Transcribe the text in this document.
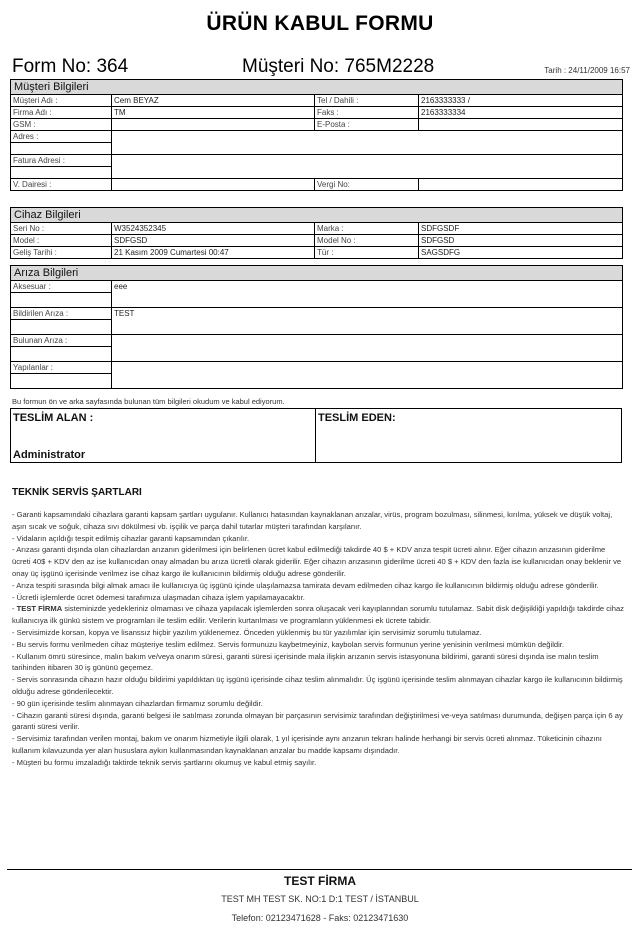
ÜRÜN KABUL FORMU
Form No: 364	Müşteri No: 765M2228	Tarih : 24/11/2009 16:57
Müşteri Bilgileri			
Müşteri Adı :	Cem BEYAZ	Tel / Dahili :	2163333333 /
Firma Adı :	TM	Faks :	2163333334
GSM :		E-Posta :	
Adres :			

Fatura Adresi :			

V. Dairesi :		Vergi No:	
Cihaz Bilgileri			
Seri No :	W3524352345	Marka :	SDFGSDF
Model :	SDFGSD	Model No :	SDFGSD
Geliş Tarihi :	21 Kasım 2009 Cumartesi 00:47	Tür :	SAGSDFG
Arıza Bilgileri	
Aksesuar :	eee

Bildirilen Arıza :	TEST

Bulunan Arıza :	

Yapılanlar :	

Bu formun ön ve arka sayfasında bulunan tüm bilgileri okudum ve kabul ediyorum.
TESLİM ALAN :
Administrator
TESLİM EDEN:
TEKNİK SERVİS ŞARTLARI

- Garanti kapsamındaki cihazlara garanti kapsam şartları uygulanır. Kullanıcı hatasından kaynaklanan arızalar, virüs, program bozulması, silinmesi, kırılma, yüksek ve düşük voltaj, aşırı sıcak ve soğuk, cihaza sıvı dökülmesi vb. işçilik ve parça dahil tutarlar müşteri tarafından karşılanır.

- Vidaların açıldığı tespit edilmiş cihazlar garanti kapsamından çıkarılır.

- Arızası garanti dışında olan cihazlardan arızanın giderilmesi için belirlenen ücret kabul edilmediği takdirde 40 $ + KDV arıza tespit ücreti alınır. Eğer cihazın arızasının giderilme ücreti 40$ + KDV den az ise kullanıcıdan onay almadan bu arıza ücretli olarak giderilir. Eğer cihazın arızasının giderilme ücreti 40 $ + KDV den fazla ise kullanıcıdan onay beklenir ve onay üç işgünü içerisinde verilmez ise cihaz kargo ile kullanıcının bildirmiş olduğu adrese gönderilir.

- Arıza tespiti sırasında bilgi almak amacı ile kullanıcıya üç işgünü içinde ulaşılamazsa tamirata devam edilmeden cihaz kargo ile kullanıcının bildirmiş olduğu adrese gönderilir.

- Ücretli işlemlerde ücret ödemesi tarafımıza ulaşmadan cihaza işlem yapılamayacaktır.

- TEST FİRMA sisteminizde yedekleriniz olmaması ve cihaza yapılacak işlemlerden sonra oluşacak veri kayıplarından sorumlu tutulamaz. Sabit disk değişikliği yapıldığı takdirde cihaz kullanıcıya ilk günkü sistem ve programları ile teslim edilir. Verilerin kurtarılması ve programların yüklenmesi ek ücrete tabidir.

- Servisimizde korsan, kopya ve lisanssız hiçbir yazılım yüklenemez. Önceden yüklenmiş bu tür yazılımlar için servisimiz sorumlu tutulamaz.

- Bu servis formu verilmeden cihaz müşteriye teslim edilmez. Servis formunuzu kaybetmeyiniz, kaybolan servis formunun yerine yenisinin verilmesi mümkün değildir.

- Kullanım ömrü süresince, malın bakım ve/veya onarım süresi, garanti süresi içerisinde mala ilişkin arızanın servis istasyonuna bildirimi, garanti süresi dışında ise malın teslim tarihinden itibaren 30 iş gününü geçemez.

- Servis sonrasında cihazın hazır olduğu bildirimi yapıldıktan üç işgünü içerisinde cihaz teslim alınmalıdır. Üç işgünü içerisinde teslim alınmayan cihazlar kargo ile kullanıcının bildirmiş olduğu adrese gönderilecektir.

- 90 gün içerisinde teslim alınmayan cihazlardan firmamız sorumlu değildir.

- Cihazın garanti süresi dışında, garanti belgesi ile satılması zorunda olmayan bir parçasının servisimiz tarafından değiştirilmesi ve-veya satılması durumunda, değişen parça için 6 ay garanti süresi verilir.

- Servisimiz tarafından verilen montaj, bakım ve onarım hizmetiyle ilgili olarak, 1 yıl içerisinde aynı arızanın tekrarı halinde herhangi bir servis ücreti alınmaz. Tüketicinin cihazını kullanım kılavuzunda yer alan hususlara aykırı kullanmasından kaynaklanan arızalar bu madde kapsamı dışındadır.

- Müşteri bu formu imzaladığı taktirde teknik servis şartlarını okumuş ve kabul etmiş sayılır.

TEST FİRMA
TEST MH TEST SK. NO:1 D:1 TEST / İSTANBUL
Telefon: 02123471628 - Faks: 02123471630
